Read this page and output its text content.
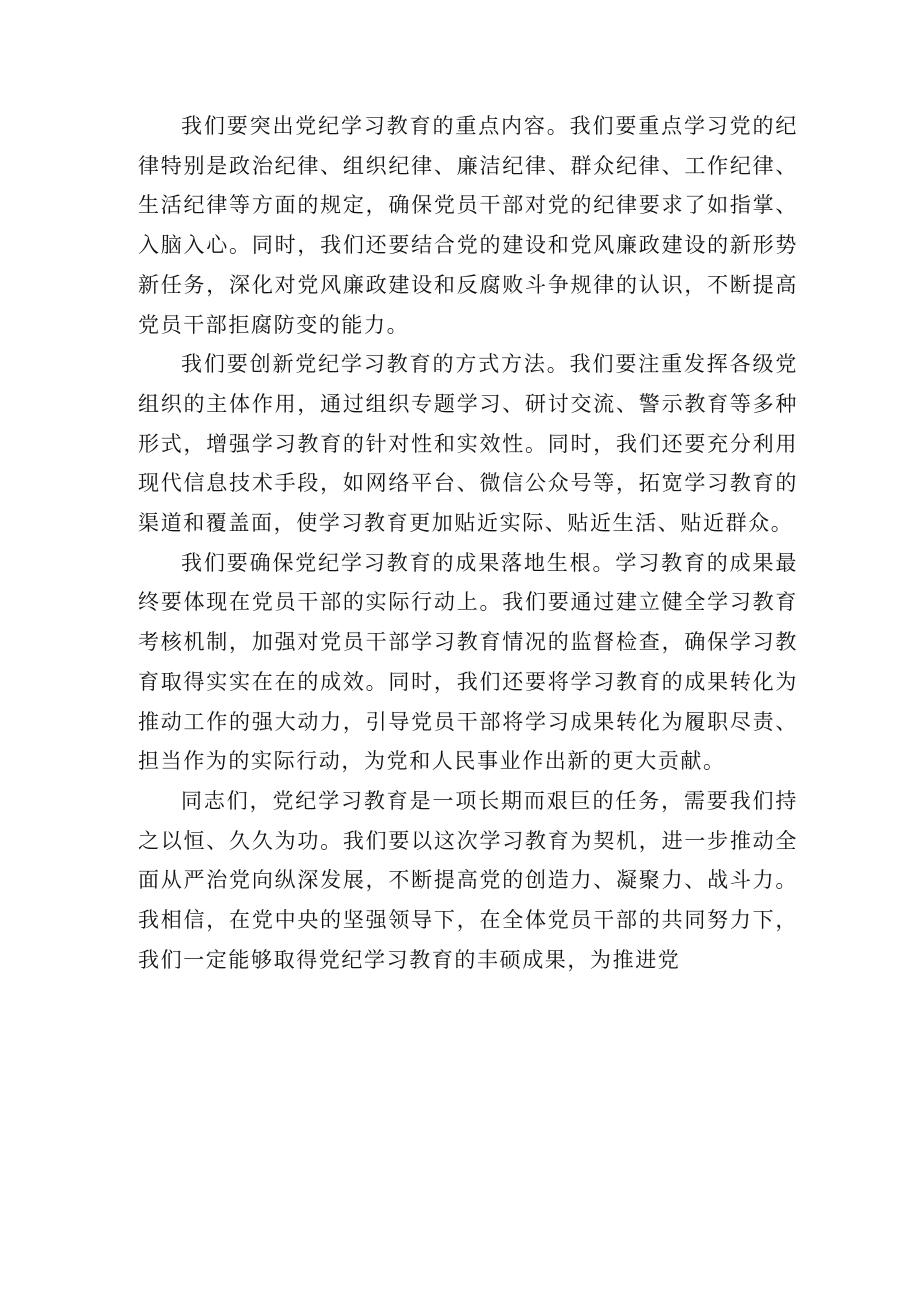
我们要突出党纪学习教育的重点内容。我们要重点学习党的纪律特别是政治纪律、组织纪律、廉洁纪律、群众纪律、工作纪律、生活纪律等方面的规定，确保党员干部对党的纪律要求了如指掌、入脑入心。同时，我们还要结合党的建设和党风廉政建设的新形势新任务，深化对党风廉政建设和反腐败斗争规律的认识，不断提高党员干部拒腐防变的能力。

我们要创新党纪学习教育的方式方法。我们要注重发挥各级党组织的主体作用，通过组织专题学习、研讨交流、警示教育等多种形式，增强学习教育的针对性和实效性。同时，我们还要充分利用现代信息技术手段，如网络平台、微信公众号等，拓宽学习教育的渠道和覆盖面，使学习教育更加贴近实际、贴近生活、贴近群众。

我们要确保党纪学习教育的成果落地生根。学习教育的成果最终要体现在党员干部的实际行动上。我们要通过建立健全学习教育考核机制，加强对党员干部学习教育情况的监督检查，确保学习教育取得实实在在的成效。同时，我们还要将学习教育的成果转化为推动工作的强大动力，引导党员干部将学习成果转化为履职尽责、担当作为的实际行动，为党和人民事业作出新的更大贡献。

同志们，党纪学习教育是一项长期而艰巨的任务，需要我们持之以恒、久久为功。我们要以这次学习教育为契机，进一步推动全面从严治党向纵深发展，不断提高党的创造力、凝聚力、战斗力。我相信，在党中央的坚强领导下，在全体党员干部的共同努力下，我们一定能够取得党纪学习教育的丰硕成果，为推进党
